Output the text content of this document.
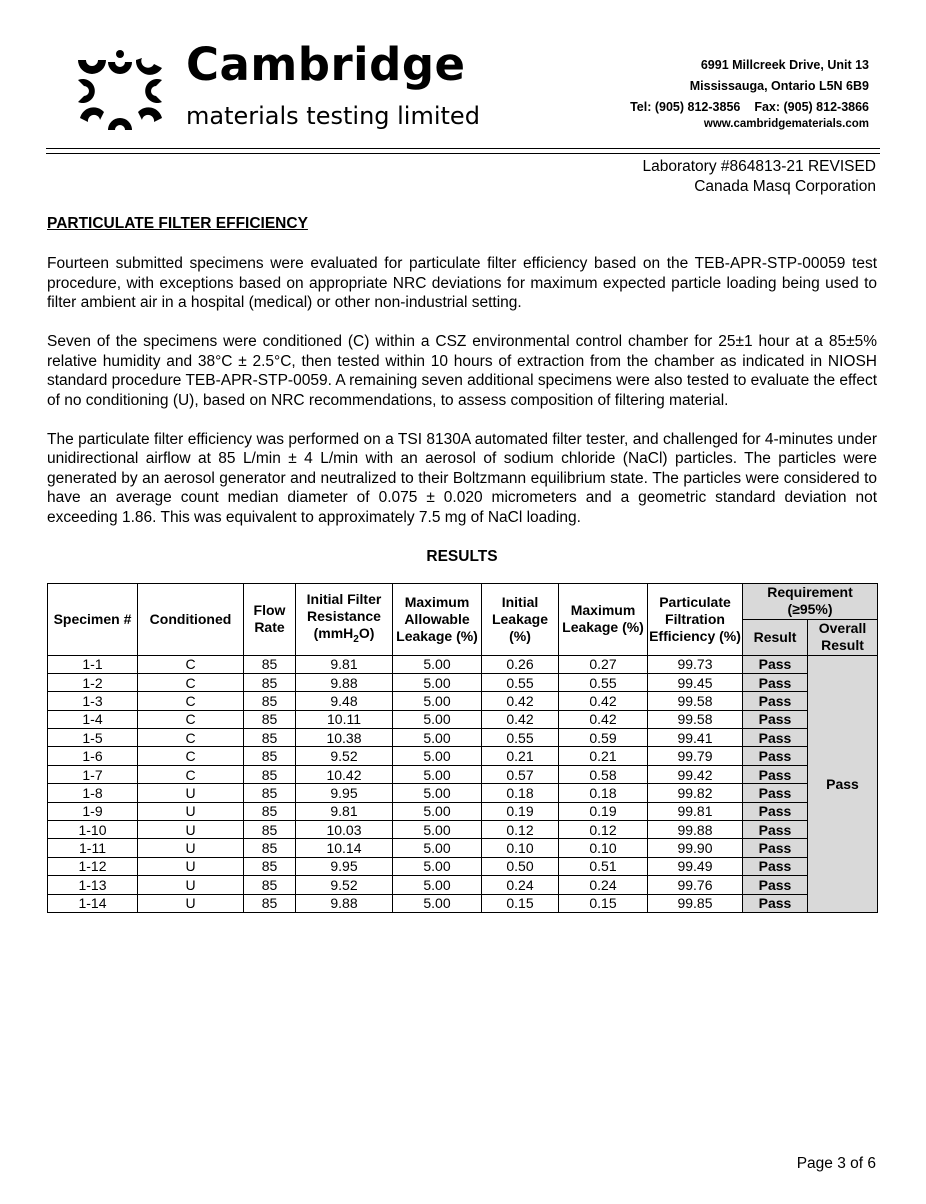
Cambridge
materials testing limited
6991 Millcreek Drive, Unit 13
Mississauga, Ontario L5N 6B9
Tel: (905) 812-3856 Fax: (905) 812-3866
www.cambridgematerials.com
Laboratory #864813-21 REVISED
Canada Masq Corporation
PARTICULATE FILTER EFFICIENCY

Fourteen submitted specimens were evaluated for particulate filter efficiency based on the TEB-APR-STP-00059 test procedure, with exceptions based on appropriate NRC deviations for maximum expected particle loading being used to filter ambient air in a hospital (medical) or other non-industrial setting.

Seven of the specimens were conditioned (C) within a CSZ environmental control chamber for 25±1 hour at a 85±5% relative humidity and 38°C ± 2.5°C, then tested within 10 hours of extraction from the chamber as indicated in NIOSH standard procedure TEB-APR-STP-0059. A remaining seven additional specimens were also tested to evaluate the effect of no conditioning (U), based on NRC recommendations, to assess composition of filtering material.

The particulate filter efficiency was performed on a TSI 8130A automated filter tester, and challenged for 4-minutes under unidirectional airflow at 85 L/min ± 4 L/min with an aerosol of sodium chloride (NaCl) particles. The particles were generated by an aerosol generator and neutralized to their Boltzmann equilibrium state. The particles were considered to have an average count median diameter of 0.075 ± 0.020 micrometers and a geometric standard deviation not exceeding 1.86. This was equivalent to approximately 7.5 mg of NaCl loading.

RESULTS
Specimen #	Conditioned	Flow Rate	Initial Filter Resistance (mmH$_2$O)	Maximum Allowable Leakage (%)	Initial Leakage (%)	Maximum Leakage (%)	Particulate Filtration Efficiency (%)	Requirement (≥95%)	
								Result	Overall Result
1-1	C	85	9.81	5.00	0.26	0.27	99.73	Pass	Pass
1-2	C	85	9.88	5.00	0.55	0.55	99.45	Pass	
1-3	C	85	9.48	5.00	0.42	0.42	99.58	Pass	
1-4	C	85	10.11	5.00	0.42	0.42	99.58	Pass	
1-5	C	85	10.38	5.00	0.55	0.59	99.41	Pass	
1-6	C	85	9.52	5.00	0.21	0.21	99.79	Pass	
1-7	C	85	10.42	5.00	0.57	0.58	99.42	Pass	
1-8	U	85	9.95	5.00	0.18	0.18	99.82	Pass	
1-9	U	85	9.81	5.00	0.19	0.19	99.81	Pass	
1-10	U	85	10.03	5.00	0.12	0.12	99.88	Pass	
1-11	U	85	10.14	5.00	0.10	0.10	99.90	Pass	
1-12	U	85	9.95	5.00	0.50	0.51	99.49	Pass	
1-13	U	85	9.52	5.00	0.24	0.24	99.76	Pass	
1-14	U	85	9.88	5.00	0.15	0.15	99.85	Pass	
Page 3 of 6
